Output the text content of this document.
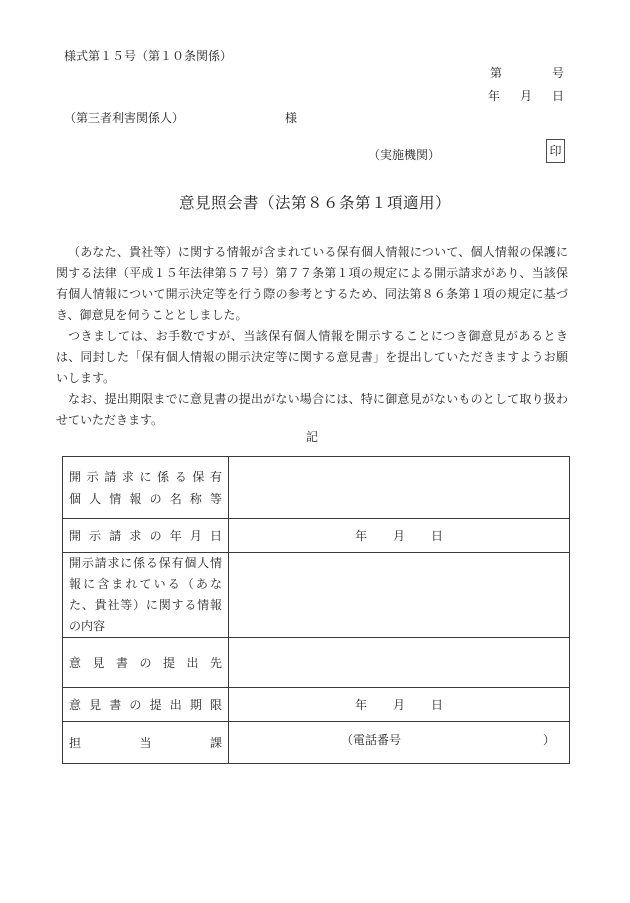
様式第１５号（第１０条関係）
第	号
年 月 日
（第三者利害関係人）	様
（実施機関）	印
意見照会書（法第８６条第１項適用）

（あなた、貴社等）に関する情報が含まれている保有個人情報について、個人情報の保護に関する法律（平成１５年法律第５７号）第７７条第１項の規定による開示請求があり、当該保有個人情報について開示決定等を行う際の参考とするため、同法第８６条第１項の規定に基づき、御意見を伺うこととしました。

つきましては、お手数ですが、当該保有個人情報を開示することにつき御意見があるときは、同封した「保有個人情報の開示決定等に関する意見書」を提出していただきますようお願いします。

なお、提出期限までに意見書の提出がない場合には、特に御意見がないものとして取り扱わせていただきます。

記
開示請求に係る保有
個人情報の名称等	

開示請求の年月日	年 月 日

開示請求に係る保有個人情報に含まれている（あなた、貴社等）に関する情報の内容	

意見書の提出先	

意見書の提出期限	年 月 日

担当課	（電話番号 ）
